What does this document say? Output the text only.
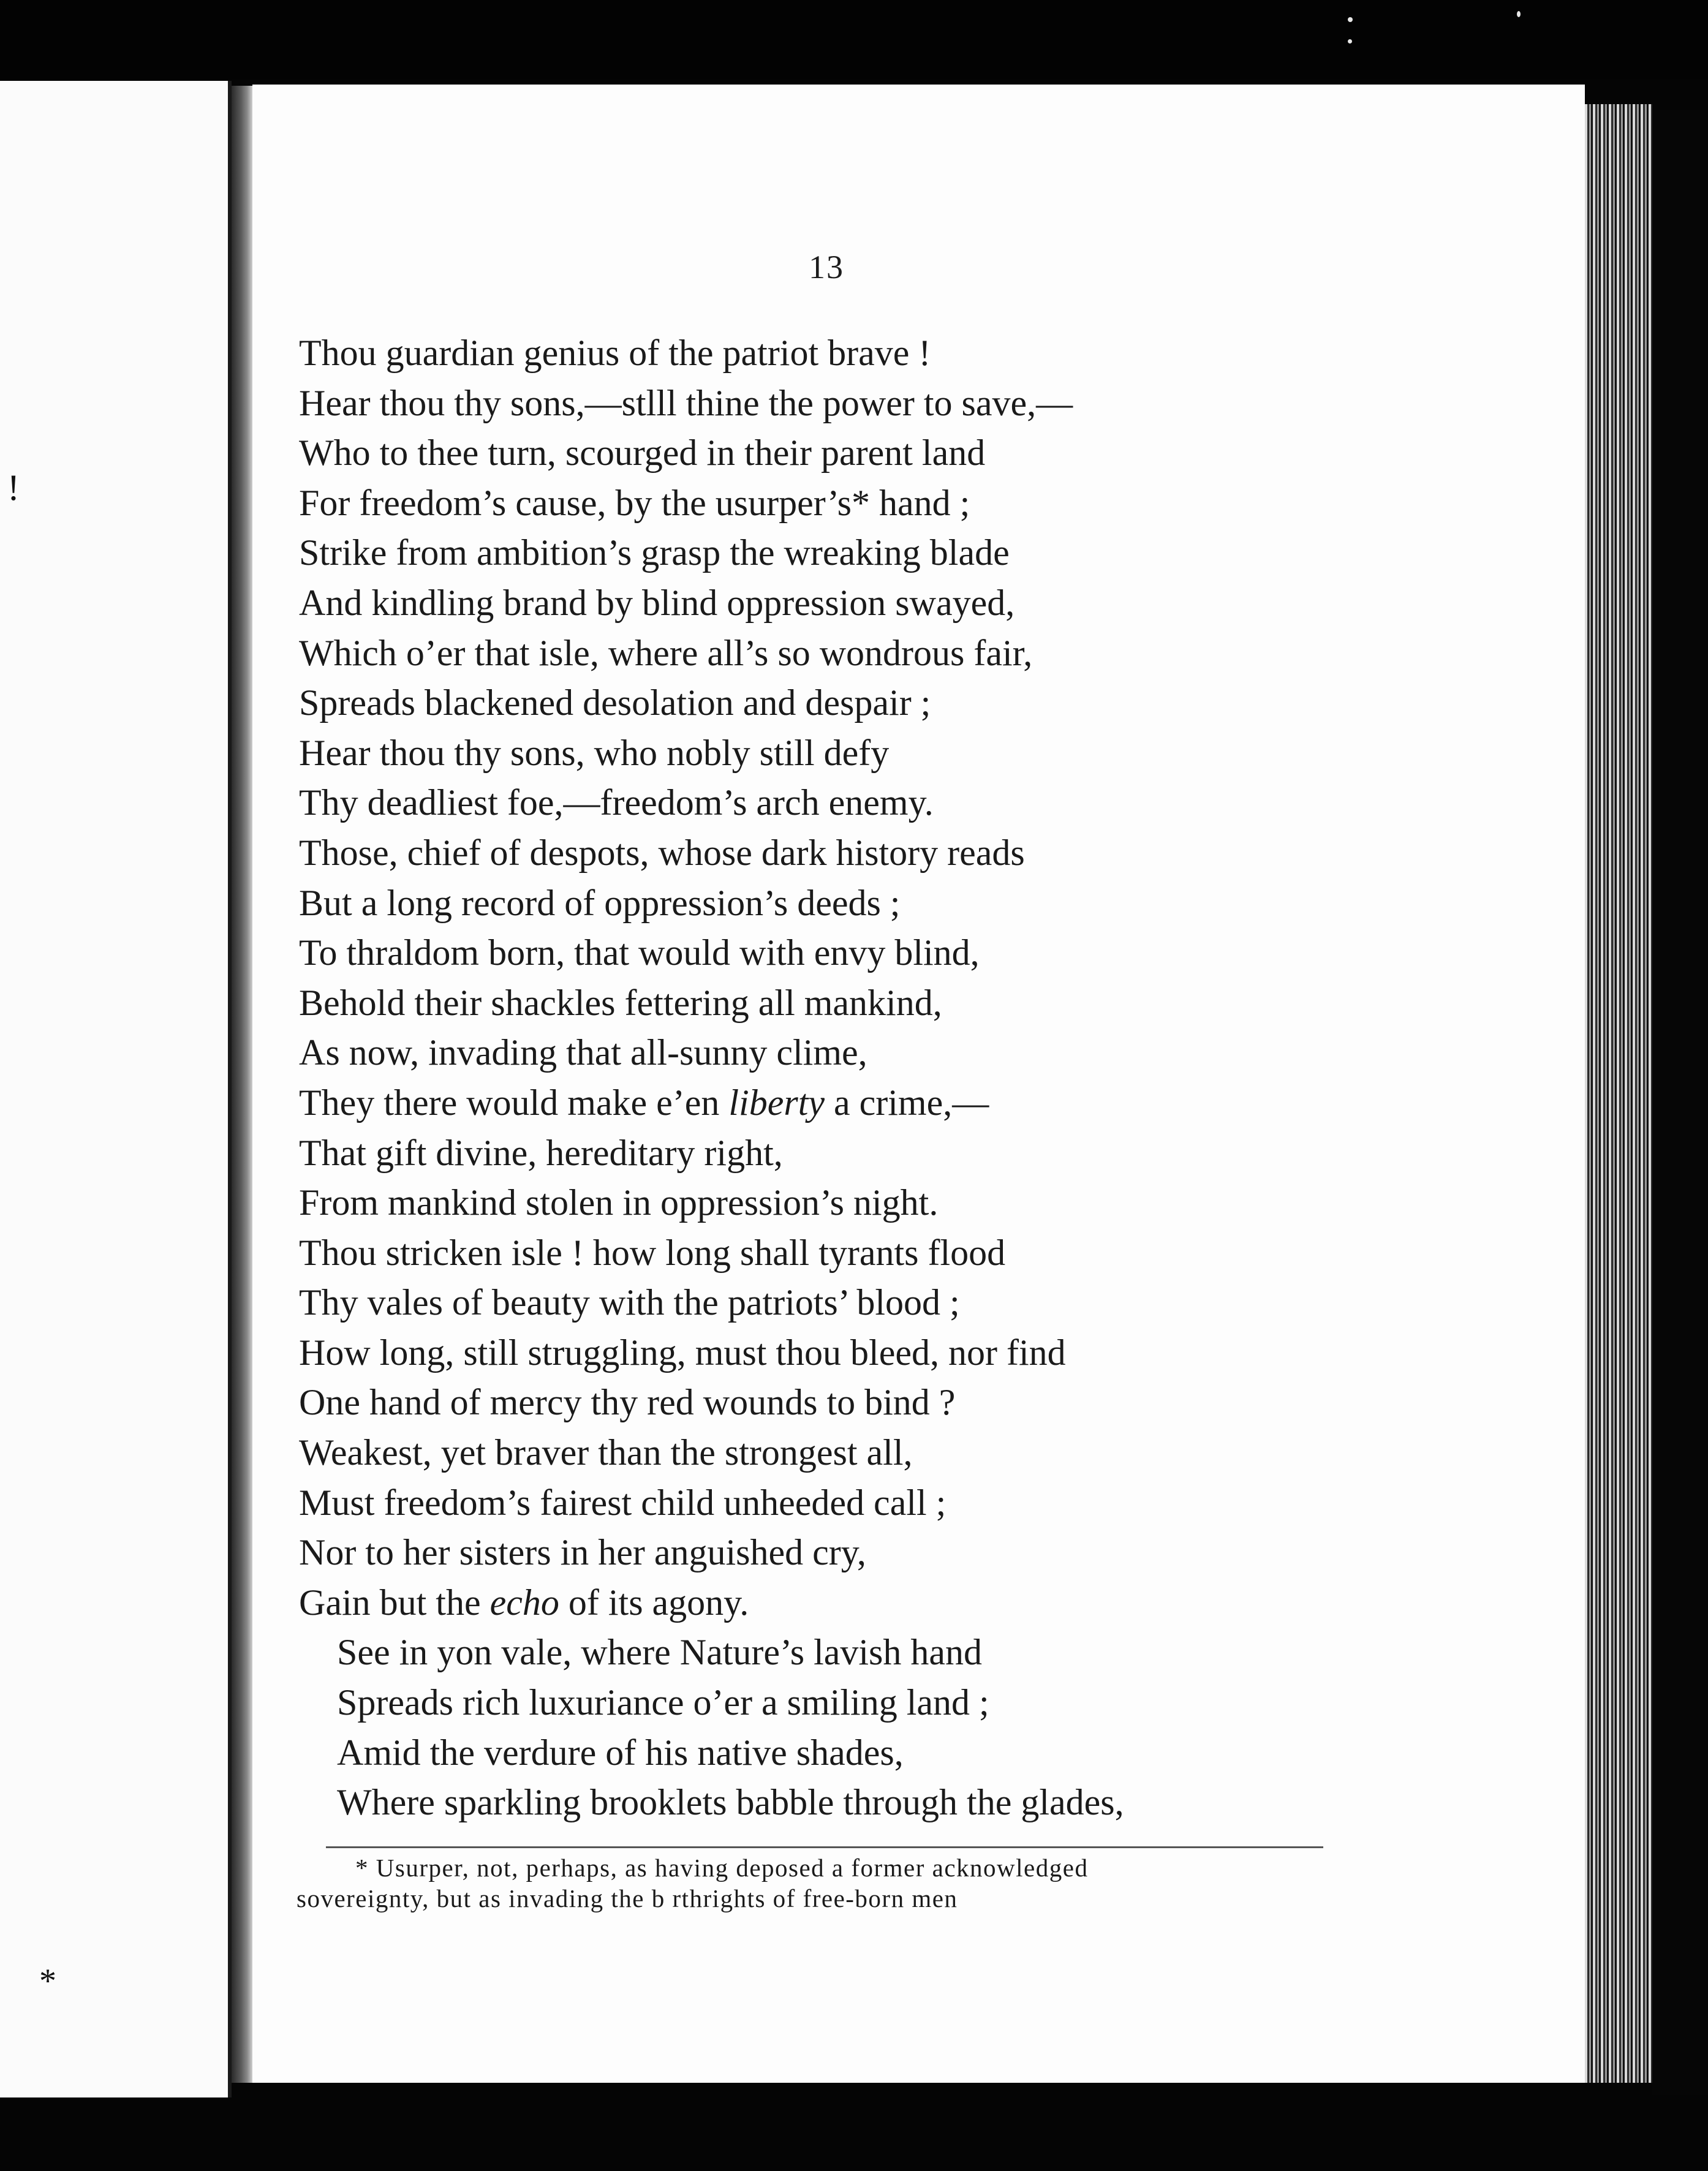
!
*
13
Thou guardian genius of the patriot brave !
Hear thou thy sons,—stlll thine the power to save,—
Who to thee turn, scourged in their parent land
For freedom’s cause, by the usurper’s* hand ;
Strike from ambition’s grasp the wreaking blade
And kindling brand by blind oppression swayed,
Which o’er that isle, where all’s so wondrous fair,
Spreads blackened desolation and despair ;
Hear thou thy sons, who nobly still defy
Thy deadliest foe,—freedom’s arch enemy.
Those, chief of despots, whose dark history reads
But a long record of oppression’s deeds ;
To thraldom born, that would with envy blind,
Behold their shackles fettering all mankind,
As now, invading that all-sunny clime,
They there would make e’en liberty a crime,—
That gift divine, hereditary right,
From mankind stolen in oppression’s night.
Thou stricken isle ! how long shall tyrants flood
Thy vales of beauty with the patriots’ blood ;
How long, still struggling, must thou bleed, nor find
One hand of mercy thy red wounds to bind ?
Weakest, yet braver than the strongest all,
Must freedom’s fairest child unheeded call ;
Nor to her sisters in her anguished cry,
Gain but the echo of its agony.
See in yon vale, where Nature’s lavish hand
Spreads rich luxuriance o’er a smiling land ;
Amid the verdure of his native shades,
Where sparkling brooklets babble through the glades,
* Usurper, not, perhaps, as having deposed a former acknowledged
sovereignty, but as invading the b rthrights of free-born men
